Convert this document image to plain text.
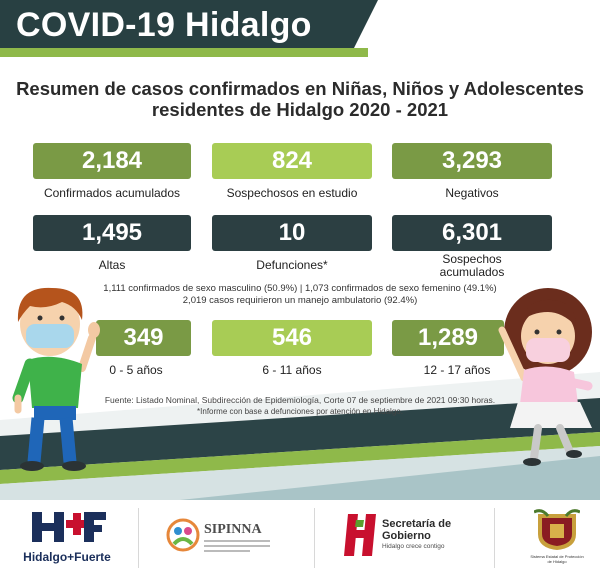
COVID-19 Hidalgo
Resumen de casos confirmados en Niñas, Niños y Adolescentes
residentes de Hidalgo 2020 - 2021
2,184	824	3,293
Confirmados acumulados	Sospechosos en estudio	Negativos
1,495	10	6,301
Altas	Defunciones*	Sospechos
acumulados
1,111 confirmados de sexo masculino (50.9%) | 1,073 confirmados de sexo femenino (49.1%)
2,019 casos requirieron un manejo ambulatorio (92.4%)
349	546	1,289
0 - 5 años	6 - 11 años	12 - 17 años
Fuente: Listado Nominal, Subdirección de Epidemiología, Corte 07 de septiembre de 2021 09:30 horas.
*Informe con base a defunciones por atención en Hidalgo.
Hidalgo+Fuerte
SIPINNA	Secretaría de
Gobierno
Hidalgo crece contigo
Sistema Estatal de Protección de Hidalgo
